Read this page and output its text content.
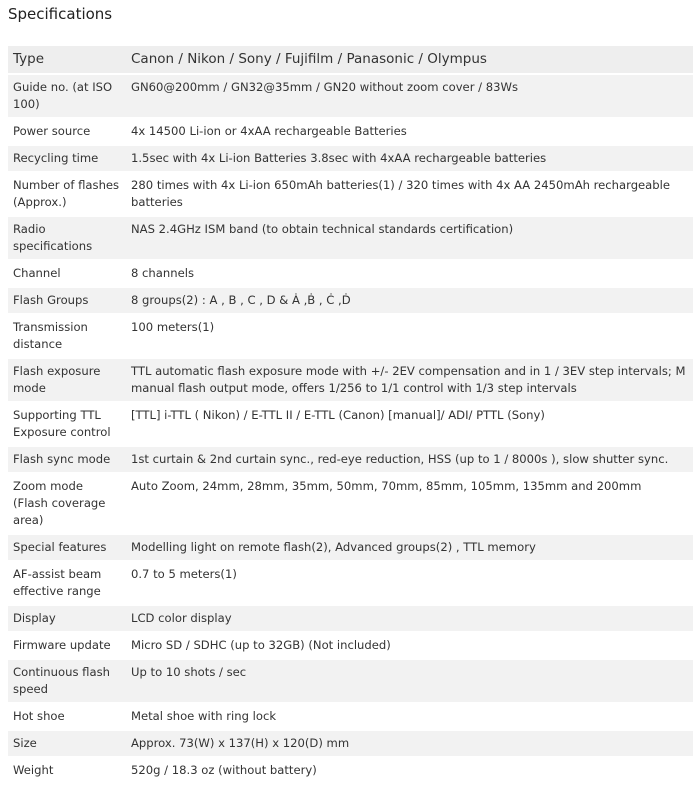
Specifications
Type	Canon / Nikon / Sony / Fujifilm / Panasonic / Olympus
Guide no. (at ISO 100)	GN60@200mm / GN32@35mm / GN20 without zoom cover / 83Ws
Power source	4x 14500 Li-ion or 4xAA rechargeable Batteries
Recycling time	1.5sec with 4x Li-ion Batteries 3.8sec with 4xAA rechargeable batteries
Number of flashes (Approx.)	280 times with 4x Li-ion 650mAh batteries(1) / 320 times with 4x AA 2450mAh rechargeable batteries
Radio specifications	NAS 2.4GHz ISM band (to obtain technical standards certification)
Channel	8 channels
Flash Groups	8 groups(2) : A , B , C , D & Ȧ ,Ḃ , Ċ ,Ḋ
Transmission distance	100 meters(1)
Flash exposure mode	TTL automatic flash exposure mode with +/- 2EV compensation and in 1 / 3EV step intervals; M manual flash output mode, offers 1/256 to 1/1 control with 1/3 step intervals
Supporting TTL Exposure control	[TTL] i-TTL ( Nikon) / E-TTL II / E-TTL (Canon) [manual]/ ADI/ PTTL (Sony)
Flash sync mode	1st curtain & 2nd curtain sync., red-eye reduction, HSS (up to 1 / 8000s ), slow shutter sync.
Zoom mode (Flash coverage area)	Auto Zoom, 24mm, 28mm, 35mm, 50mm, 70mm, 85mm, 105mm, 135mm and 200mm
Special features	Modelling light on remote flash(2), Advanced groups(2) , TTL memory
AF-assist beam effective range	0.7 to 5 meters(1)
Display	LCD color display
Firmware update	Micro SD / SDHC (up to 32GB) (Not included)
Continuous flash speed	Up to 10 shots / sec
Hot shoe	Metal shoe with ring lock
Size	Approx. 73(W) x 137(H) x 120(D) mm
Weight	520g / 18.3 oz (without battery)
